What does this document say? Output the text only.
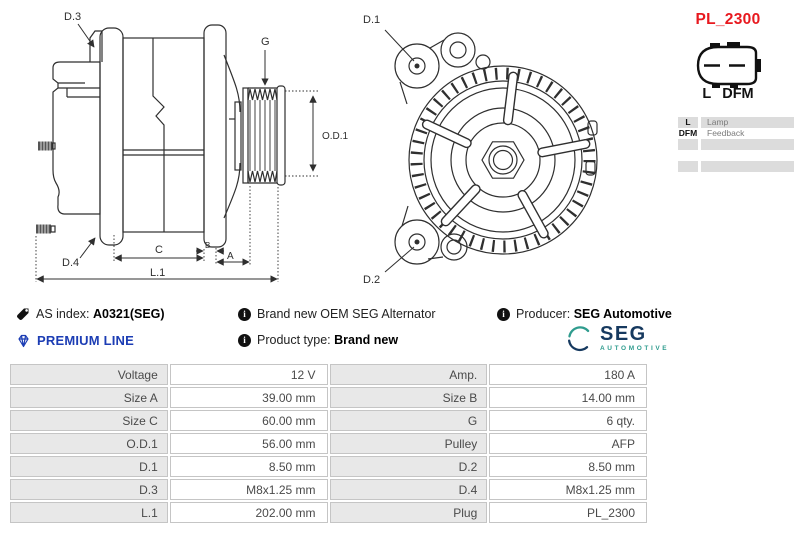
D.3
G
O.D.1
D.4
C	B
A
L.1
D.1
D.2
PL_2300
L DFM
L	Lamp
DFM	Feedback
AS index: A0321(SEG)
PREMIUM LINE
i Brand new OEM SEG Alternator
i Product type: Brand new
i Producer: SEG Automotive
SEG
AUTOMOTIVE
Voltage	12 V	Amp.	180 A
Size A	39.00 mm	Size B	14.00 mm
Size C	60.00 mm	G	6 qty.
O.D.1	56.00 mm	Pulley	AFP
D.1	8.50 mm	D.2	8.50 mm
D.3	M8x1.25 mm	D.4	M8x1.25 mm
L.1	202.00 mm	Plug	PL_2300
